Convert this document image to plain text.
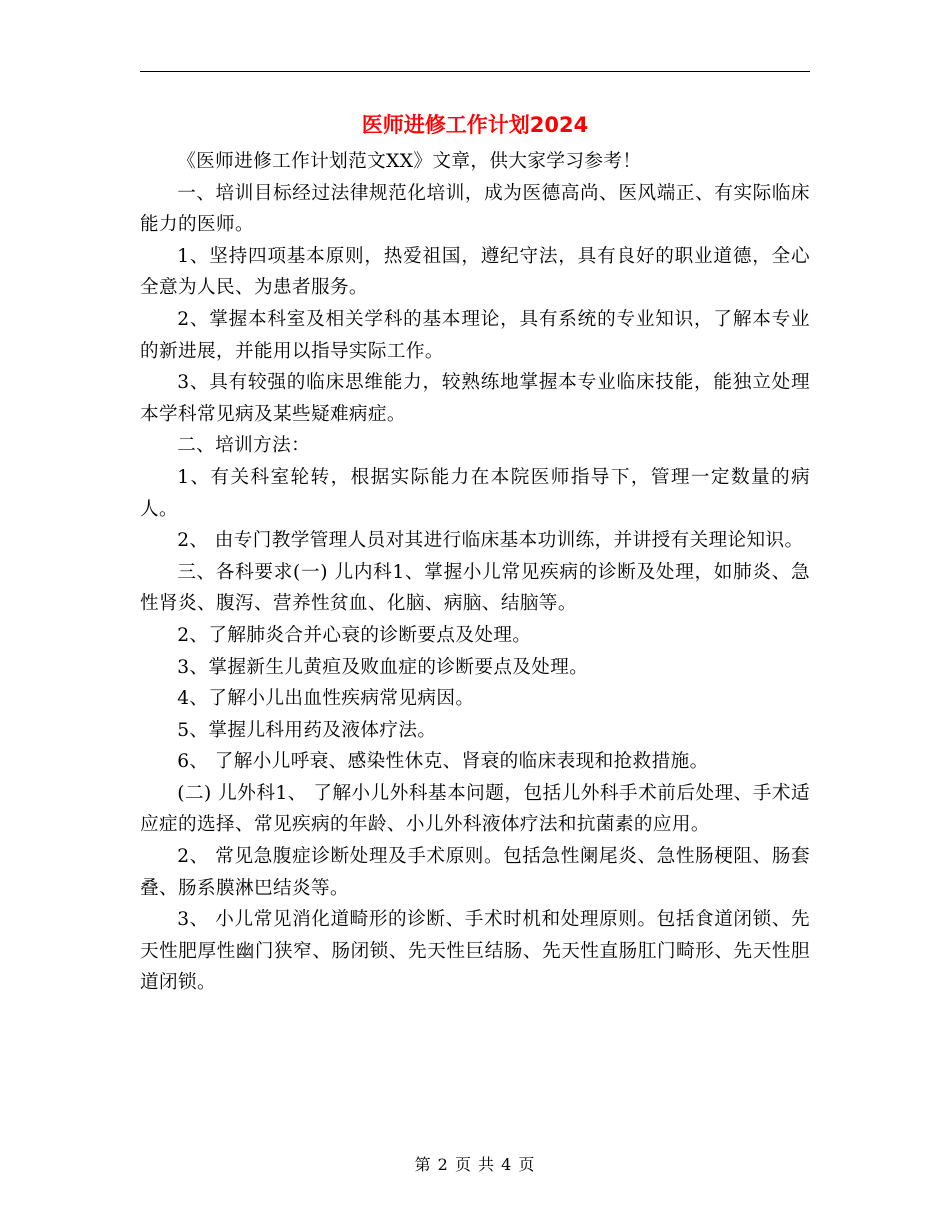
医师进修工作计划2024

《医师进修工作计划范文XX》文章，供大家学习参考！

一、培训目标经过法律规范化培训，成为医德高尚、医风端正、有实际临床能力的医师。

1、坚持四项基本原则，热爱祖国，遵纪守法，具有良好的职业道德，全心全意为人民、为患者服务。

2、掌握本科室及相关学科的基本理论，具有系统的专业知识，了解本专业的新进展，并能用以指导实际工作。

3、具有较强的临床思维能力，较熟练地掌握本专业临床技能，能独立处理本学科常见病及某些疑难病症。

二、培训方法：

1、有关科室轮转，根据实际能力在本院医师指导下，管理一定数量的病人。

2、 由专门教学管理人员对其进行临床基本功训练，并讲授有关理论知识。

三、各科要求(一) 儿内科1、掌握小儿常见疾病的诊断及处理，如肺炎、急性肾炎、腹泻、营养性贫血、化脑、病脑、结脑等。

2、了解肺炎合并心衰的诊断要点及处理。

3、掌握新生儿黄疸及败血症的诊断要点及处理。

4、了解小儿出血性疾病常见病因。

5、掌握儿科用药及液体疗法。

6、 了解小儿呼衰、感染性休克、肾衰的临床表现和抢救措施。

(二) 儿外科1、 了解小儿外科基本问题，包括儿外科手术前后处理、手术适应症的选择、常见疾病的年龄、小儿外科液体疗法和抗菌素的应用。

2、 常见急腹症诊断处理及手术原则。包括急性阑尾炎、急性肠梗阻、肠套叠、肠系膜淋巴结炎等。

3、 小儿常见消化道畸形的诊断、手术时机和处理原则。包括食道闭锁、先天性肥厚性幽门狭窄、肠闭锁、先天性巨结肠、先天性直肠肛门畸形、先天性胆道闭锁。

第 2 页 共 4 页
